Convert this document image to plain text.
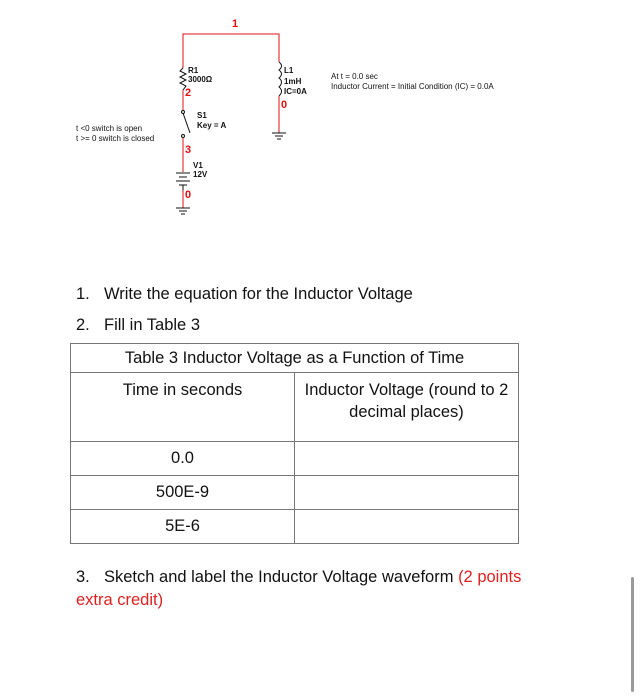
R1
3000Ω
2
S1
Key = A
3
V1
12V
0
L1
1mH
IC=0A
0
1
t <0 switch is open
t >= 0 switch is closed
At t = 0.0 sec
Inductor Current = Initial Condition (IC) = 0.0A

1. Write the equation for the Inductor Voltage

2. Fill in Table 3

Table 3 Inductor Voltage as a Function of Time	
Time in seconds	Inductor Voltage (round to 2 decimal places)
0.0	
500E-9	
5E-6	

3. Sketch and label the Inductor Voltage waveform (2 points extra credit)
